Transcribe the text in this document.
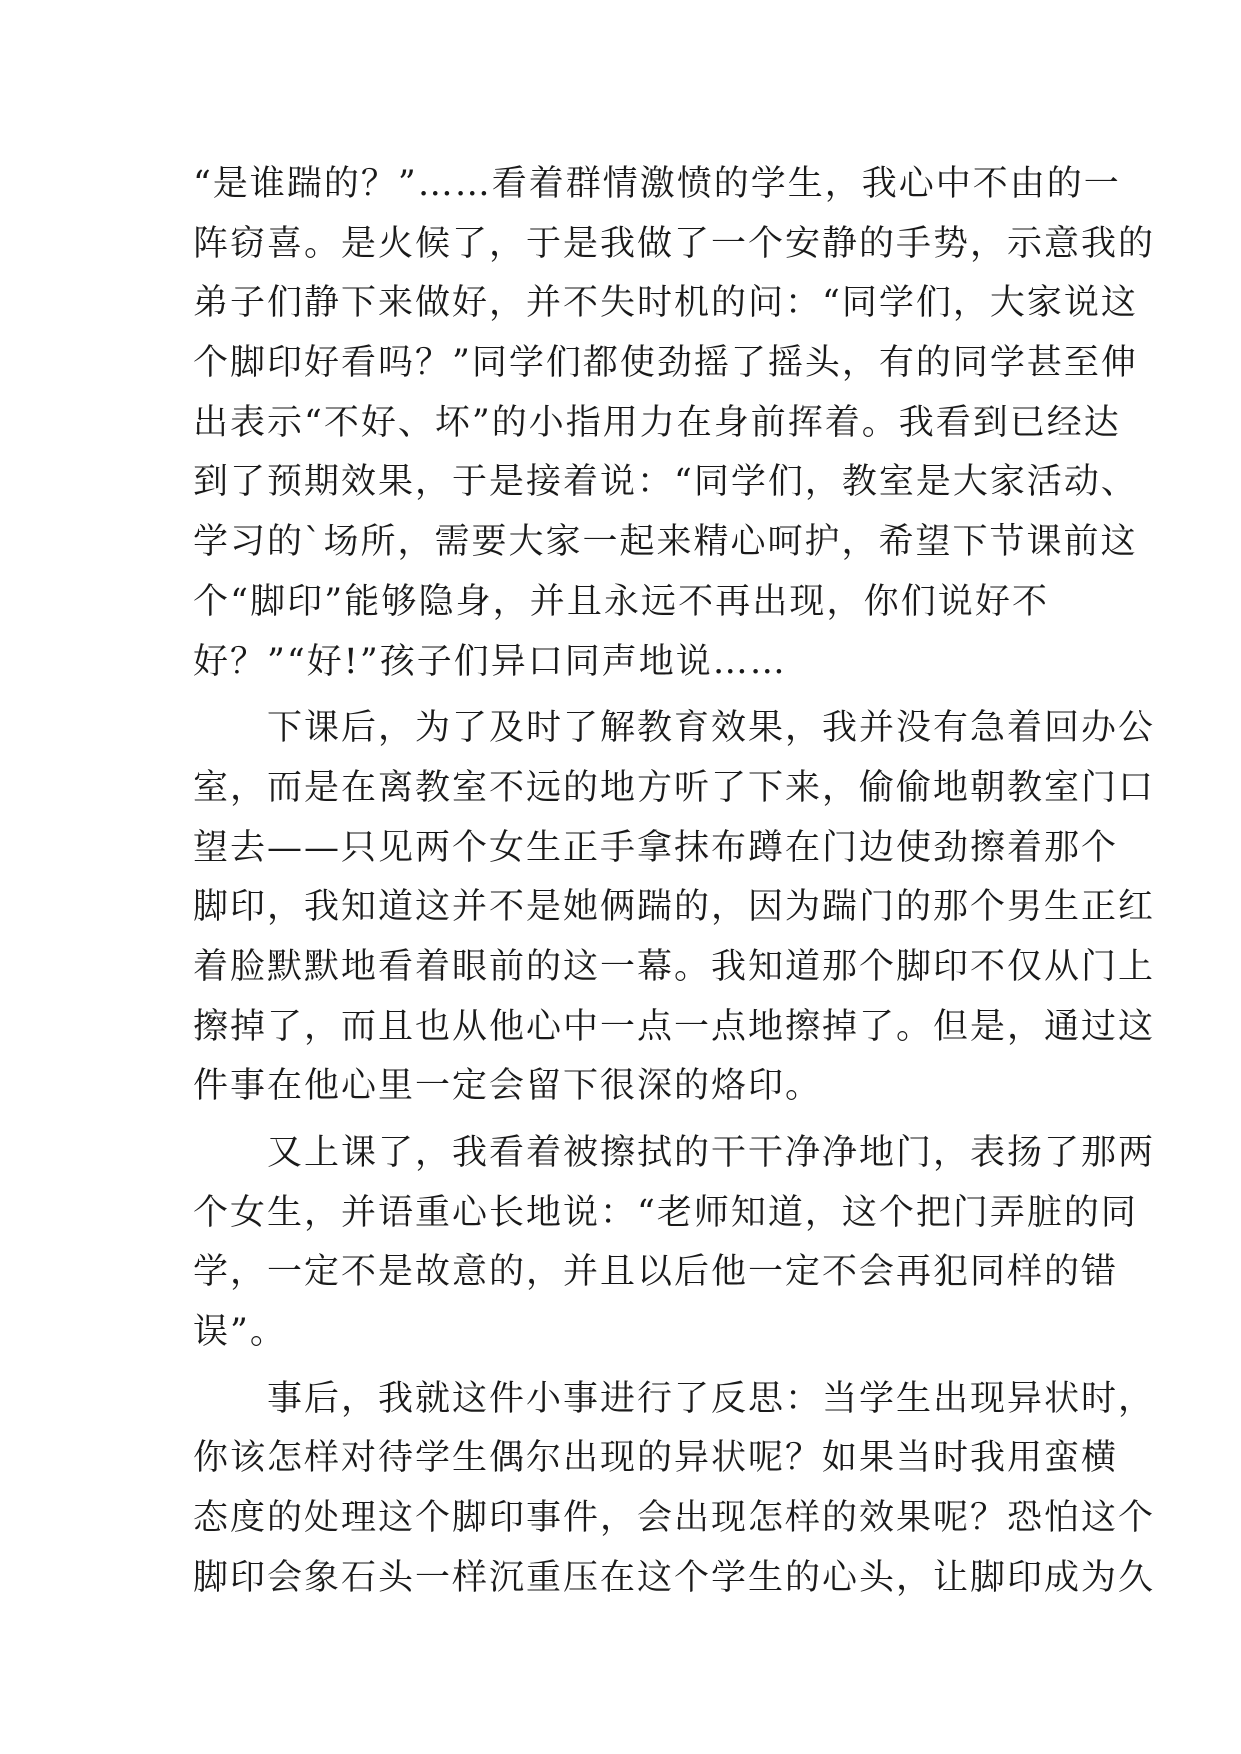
“是谁踹的？”……看着群情激愤的学生，我心中不由的一
阵窃喜。是火候了，于是我做了一个安静的手势，示意我的
弟子们静下来做好，并不失时机的问：“同学们，大家说这
个脚印好看吗？”同学们都使劲摇了摇头，有的同学甚至伸
出表示“不好、坏”的小指用力在身前挥着。我看到已经达
到了预期效果，于是接着说：“同学们，教室是大家活动、
学习的`场所，需要大家一起来精心呵护，希望下节课前这
个“脚印”能够隐身，并且永远不再出现，你们说好不
好？”“好!”孩子们异口同声地说……
　　下课后，为了及时了解教育效果，我并没有急着回办公
室，而是在离教室不远的地方听了下来，偷偷地朝教室门口
望去——只见两个女生正手拿抹布蹲在门边使劲擦着那个
脚印，我知道这并不是她俩踹的，因为踹门的那个男生正红
着脸默默地看着眼前的这一幕。我知道那个脚印不仅从门上
擦掉了，而且也从他心中一点一点地擦掉了。但是，通过这
件事在他心里一定会留下很深的烙印。
　　又上课了，我看着被擦拭的干干净净地门，表扬了那两
个女生，并语重心长地说：“老师知道，这个把门弄脏的同
学，一定不是故意的，并且以后他一定不会再犯同样的错
误”。
　　事后，我就这件小事进行了反思：当学生出现异状时，
你该怎样对待学生偶尔出现的异状呢？如果当时我用蛮横
态度的处理这个脚印事件，会出现怎样的效果呢？恐怕这个
脚印会象石头一样沉重压在这个学生的心头，让脚印成为久
